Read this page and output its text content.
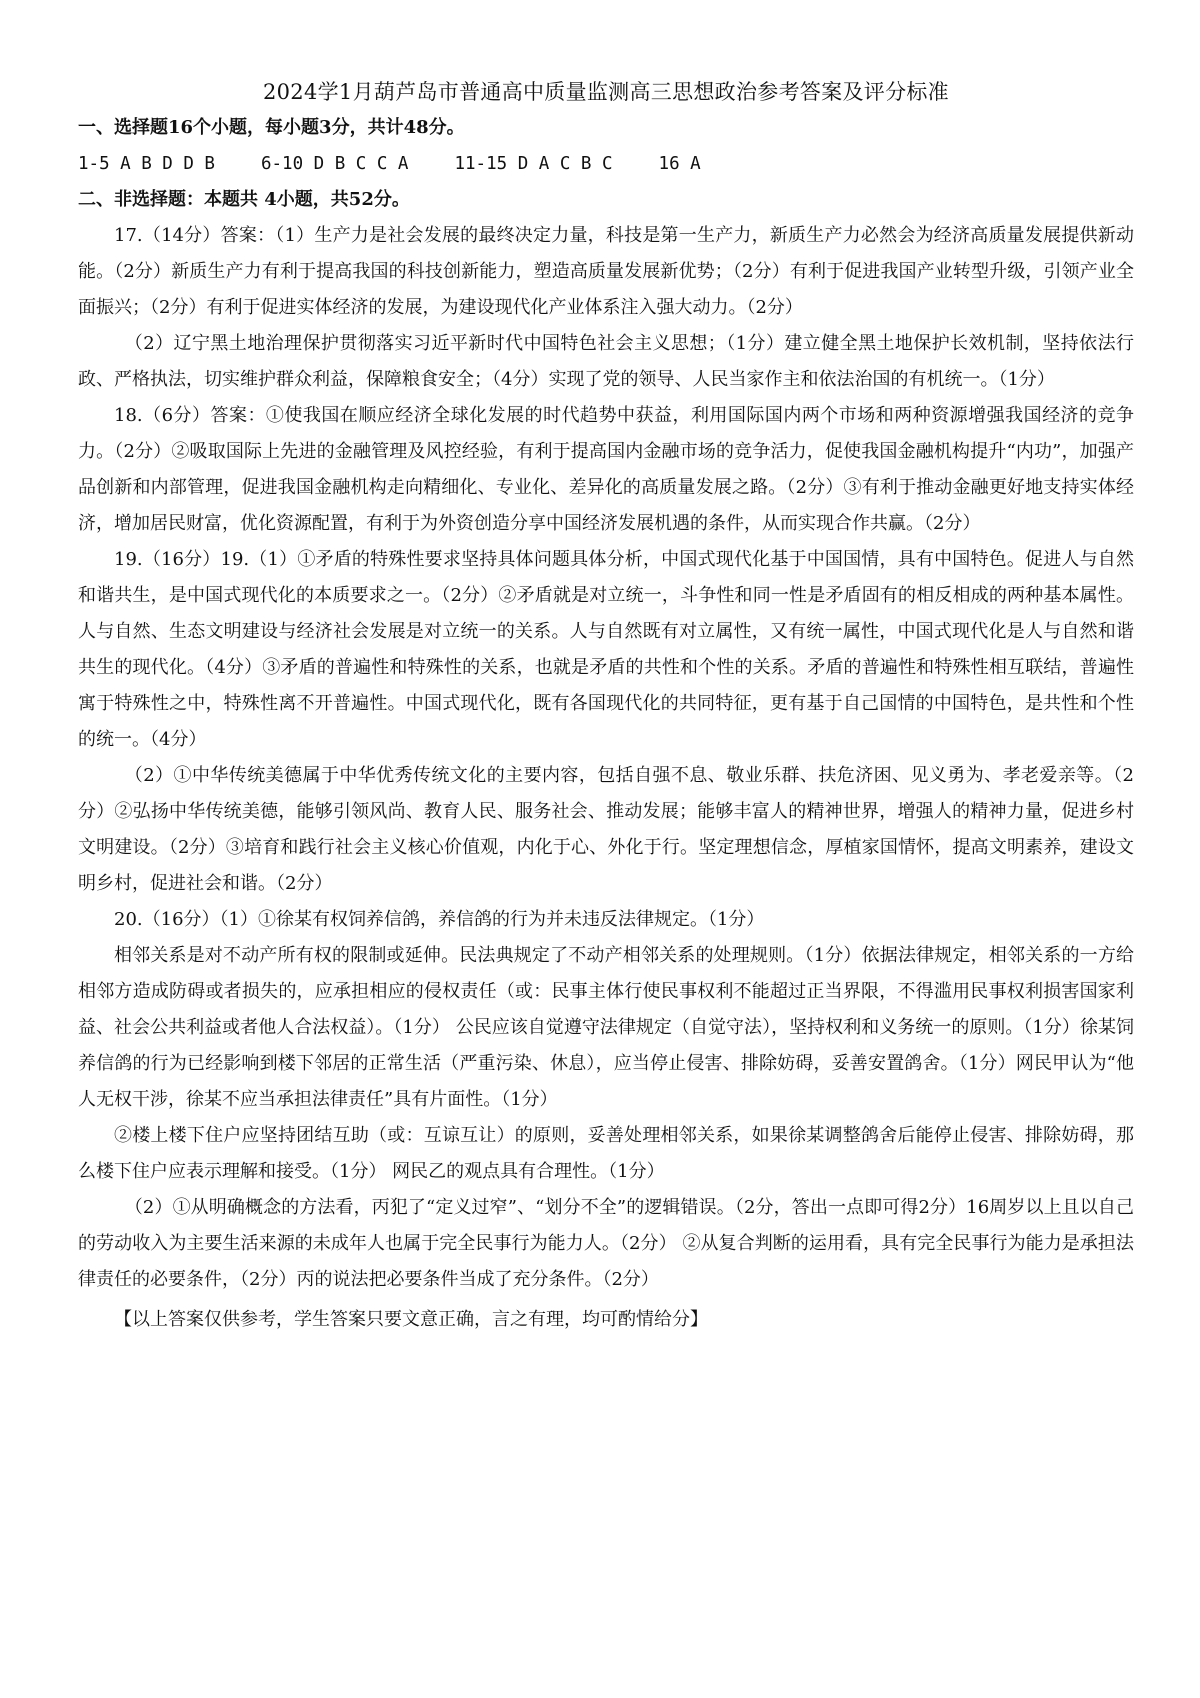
2024学1月葫芦岛市普通高中质量监测高三思想政治参考答案及评分标准
一、选择题16个小题，每小题3分，共计48分。
1-5 A B D D B	6-10 D B C C A	11-15 D A C B C	16 A
二、非选择题：本题共 4小题，共52分。

17.（14分）答案：（1）生产力是社会发展的最终决定力量，科技是第一生产力，新质生产力必然会为经济高质量发展提供新动能。（2分）新质生产力有利于提高我国的科技创新能力，塑造高质量发展新优势；（2分）有利于促进我国产业转型升级，引领产业全面振兴；（2分）有利于促进实体经济的发展，为建设现代化产业体系注入强大动力。（2分）

（2）辽宁黑土地治理保护贯彻落实习近平新时代中国特色社会主义思想；（1分）建立健全黑土地保护长效机制，坚持依法行政、严格执法，切实维护群众利益，保障粮食安全；（4分）实现了党的领导、人民当家作主和依法治国的有机统一。（1分）

18.（6分）答案：①使我国在顺应经济全球化发展的时代趋势中获益，利用国际国内两个市场和两种资源增强我国经济的竞争力。（2分）②吸取国际上先进的金融管理及风控经验，有利于提高国内金融市场的竞争活力，促使我国金融机构提升“内功”，加强产品创新和内部管理，促进我国金融机构走向精细化、专业化、差异化的高质量发展之路。（2分）③有利于推动金融更好地支持实体经济，增加居民财富，优化资源配置，有利于为外资创造分享中国经济发展机遇的条件，从而实现合作共赢。（2分）

19.（16分）19.（1）①矛盾的特殊性要求坚持具体问题具体分析，中国式现代化基于中国国情，具有中国特色。促进人与自然和谐共生，是中国式现代化的本质要求之一。（2分）②矛盾就是对立统一，斗争性和同一性是矛盾固有的相反相成的两种基本属性。人与自然、生态文明建设与经济社会发展是对立统一的关系。人与自然既有对立属性，又有统一属性，中国式现代化是人与自然和谐共生的现代化。（4分）③矛盾的普遍性和特殊性的关系，也就是矛盾的共性和个性的关系。矛盾的普遍性和特殊性相互联结，普遍性寓于特殊性之中，特殊性离不开普遍性。中国式现代化，既有各国现代化的共同特征，更有基于自己国情的中国特色，是共性和个性的统一。（4分）

（2）①中华传统美德属于中华优秀传统文化的主要内容，包括自强不息、敬业乐群、扶危济困、见义勇为、孝老爱亲等。（2分）②弘扬中华传统美德，能够引领风尚、教育人民、服务社会、推动发展；能够丰富人的精神世界，增强人的精神力量，促进乡村文明建设。（2分）③培育和践行社会主义核心价值观，内化于心、外化于行。坚定理想信念，厚植家国情怀，提高文明素养，建设文明乡村，促进社会和谐。（2分）

20.（16分）（1）①徐某有权饲养信鸽，养信鸽的行为并未违反法律规定。（1分）

相邻关系是对不动产所有权的限制或延伸。民法典规定了不动产相邻关系的处理规则。（1分）依据法律规定，相邻关系的一方给相邻方造成防碍或者损失的，应承担相应的侵权责任（或：民事主体行使民事权利不能超过正当界限，不得滥用民事权利损害国家利益、社会公共利益或者他人合法权益）。（1分） 公民应该自觉遵守法律规定（自觉守法），坚持权利和义务统一的原则。（1分）徐某饲养信鸽的行为已经影响到楼下邻居的正常生活（严重污染、休息），应当停止侵害、排除妨碍，妥善安置鸽舍。（1分）网民甲认为“他人无权干涉，徐某不应当承担法律责任”具有片面性。（1分）

②楼上楼下住户应坚持团结互助（或：互谅互让）的原则，妥善处理相邻关系，如果徐某调整鸽舍后能停止侵害、排除妨碍，那么楼下住户应表示理解和接受。（1分） 网民乙的观点具有合理性。（1分）

（2）①从明确概念的方法看，丙犯了“定义过窄”、“划分不全”的逻辑错误。（2分，答出一点即可得2分）16周岁以上且以自己的劳动收入为主要生活来源的未成年人也属于完全民事行为能力人。（2分） ②从复合判断的运用看，具有完全民事行为能力是承担法律责任的必要条件，（2分）丙的说法把必要条件当成了充分条件。（2分）

【以上答案仅供参考，学生答案只要文意正确，言之有理，均可酌情给分】
